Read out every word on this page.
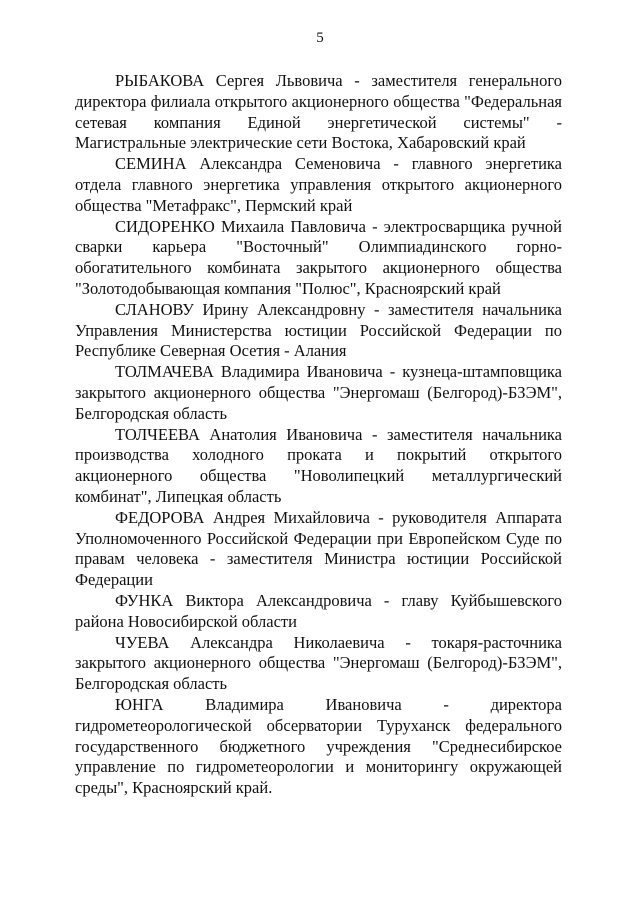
5

РЫБАКОВА Сергея Львовича - заместителя генерального директора филиала открытого акционерного общества "Федеральная сетевая компания Единой энергетической системы" - Магистральные электрические сети Востока, Хабаровский край

СЕМИНА Александра Семеновича - главного энергетика отдела главного энергетика управления открытого акционерного общества "Метафракс", Пермский край

СИДОРЕНКО Михаила Павловича - электросварщика ручной сварки карьера "Восточный" Олимпиадинского горно-обогатительного комбината закрытого акционерного общества "Золотодобывающая компания "Полюс", Красноярский край

СЛАНОВУ Ирину Александровну - заместителя начальника Управления Министерства юстиции Российской Федерации по Республике Северная Осетия - Алания

ТОЛМАЧЕВА Владимира Ивановича - кузнеца-штамповщика закрытого акционерного общества "Энергомаш (Белгород)-БЗЭМ", Белгородская область

ТОЛЧЕЕВА Анатолия Ивановича - заместителя начальника производства холодного проката и покрытий открытого акционерного общества "Новолипецкий металлургический комбинат", Липецкая область

ФЕДОРОВА Андрея Михайловича - руководителя Аппарата Уполномоченного Российской Федерации при Европейском Суде по правам человека - заместителя Министра юстиции Российской Федерации

ФУНКА Виктора Александровича - главу Куйбышевского района Новосибирской области

ЧУЕВА Александра Николаевича - токаря-расточника закрытого акционерного общества "Энергомаш (Белгород)-БЗЭМ", Белгородская область

ЮНГА Владимира Ивановича - директора гидрометеорологической обсерватории Туруханск федерального государственного бюджетного учреждения "Среднесибирское управление по гидрометеорологии и мониторингу окружающей среды", Красноярский край.
